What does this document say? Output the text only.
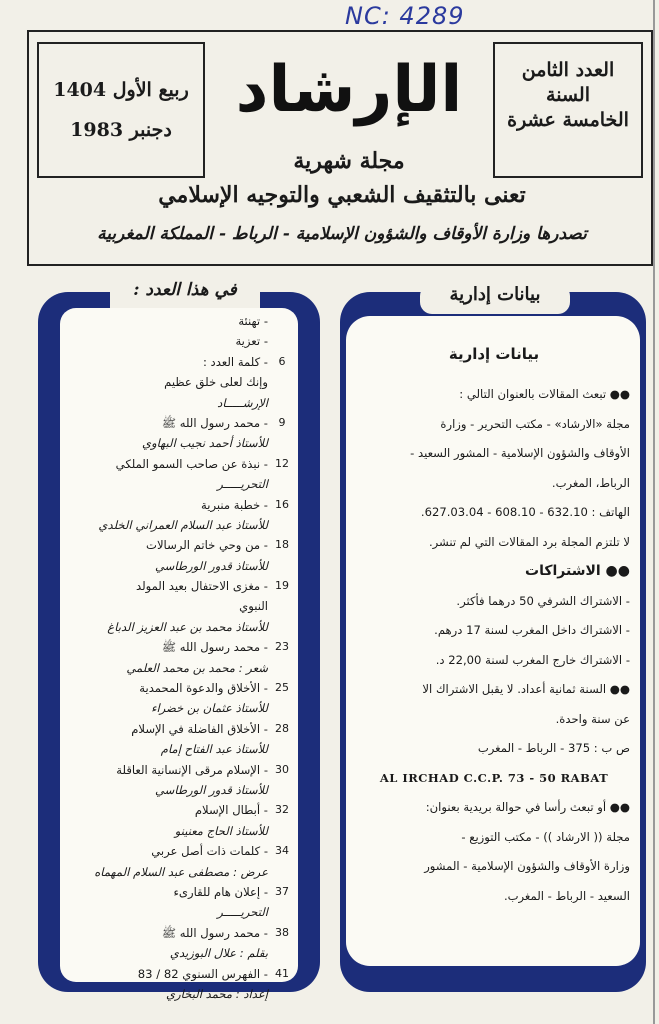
NC: 4289
العدد الثامن
السنة
الخامسة عشرة
الإرشاد
ربيع الأول 1404
دجنبر 1983
مجلة شهرية
تعنى بالتثقيف الشعبي والتوجيه الإسلامي
تصدرها وزارة الأوقاف والشؤون الإسلامية - الرباط - المملكة المغربية
في هذا العدد :
- تهنئة
- تعزية
6
- كلمة العدد :
وإنك لعلى خلق عظيم
الإرشـــــاد
9
- محمد رسول الله ﷺ
للأستاذ أحمد نجيب البهاوي
12
- نبذة عن صاحب السمو الملكي
التحريـــــر
16
- خطبة منبرية
للأستاذ عبد السلام العمراني الخلدي
18
- من وحي خاتم الرسالات
للأستاذ قدور الورطاسي
19
- مغزى الاحتفال بعيد المولد
النبوي
للأستاذ محمد بن عبد العزيز الدباغ
23
- محمد رسول الله ﷺ
شعر : محمد بن محمد العلمي
25
- الأخلاق والدعوة المحمدية
للأستاذ عثمان بن خضراء
28
- الأخلاق الفاضلة في الإسلام
للأستاذ عبد الفتاح إمام
30
- الإسلام مرقى الإنسانية العاقلة
للأستاذ قدور الورطاسي
32
- أبطال الإسلام
للأستاذ الحاج معنينو
34
- كلمات ذات أصل عربي
عرض : مصطفى عبد السلام المهماه
37
- إعلان هام للقارىء
التحريـــــر
38
- محمد رسول الله ﷺ
بقلم : علال البوزيدي
41
- الفهرس السنوي 82 / 83
إعداد : محمد البخاري
بيانات إدارية
بيانات إدارية
●● تبعث المقالات بالعنوان التالي :
مجلة «الارشاد» - مكتب التحرير - وزارة
الأوقاف والشؤون الإسلامية - المشور السعيد -
الرباط، المغرب.
الهاتف : 632.10 - 608.10 - 627.03.04.
لا تلتزم المجلة برد المقالات التي لم تنشر.
●● الاشتراكات
- الاشتراك الشرفي 50 درهما فأكثر.
- الاشتراك داخل المغرب لسنة 17 درهم.
- الاشتراك خارج المغرب لسنة 22,00 د.
●● السنة ثمانية أعداد. لا يقبل الاشتراك الا
عن سنة واحدة.
ص ب : 375 - الرباط - المغرب
AL IRCHAD C.C.P. 73 - 50 RABAT
●● أو تبعث رأسا في حوالة بريدية بعنوان:
مجلة (( الارشاد )) - مكتب التوزيع -
وزارة الأوقاف والشؤون الإسلامية - المشور
السعيد - الرباط - المغرب.
